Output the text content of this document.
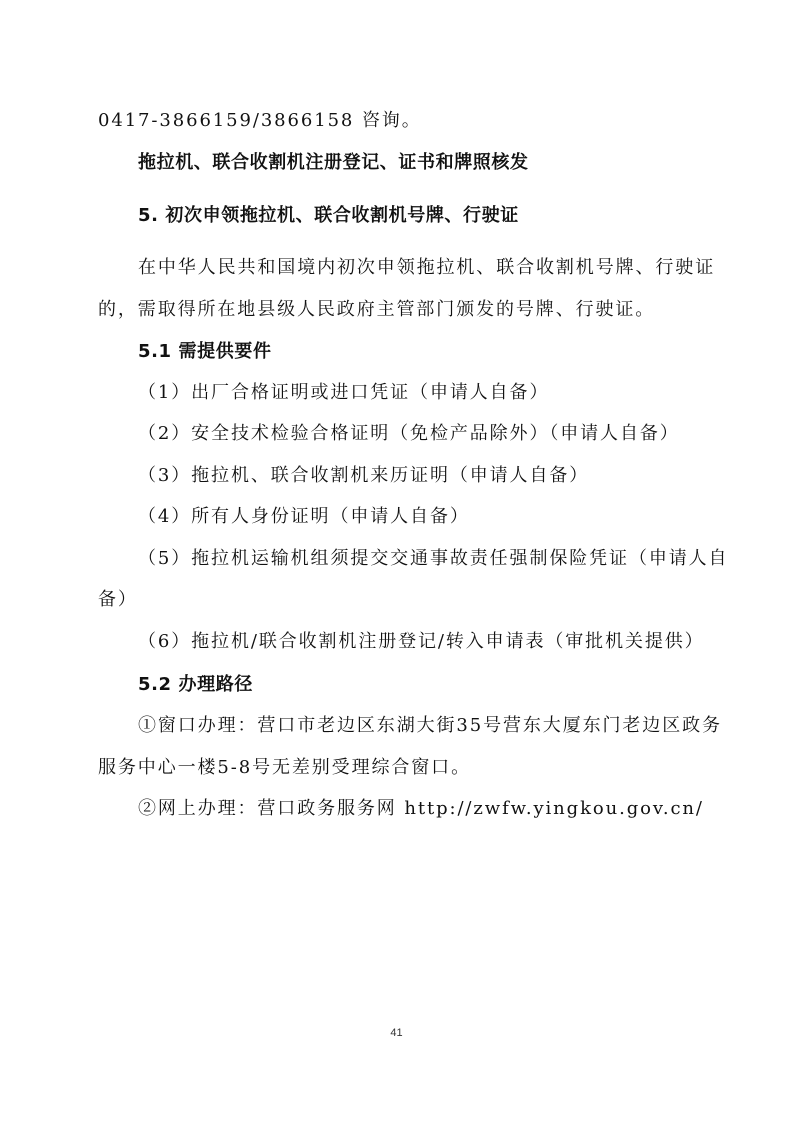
0417-3866159/3866158 咨询。
拖拉机、联合收割机注册登记、证书和牌照核发
5. 初次申领拖拉机、联合收割机号牌、行驶证
在中华人民共和国境内初次申领拖拉机、联合收割机号牌、行驶证
的，需取得所在地县级人民政府主管部门颁发的号牌、行驶证。
5.1 需提供要件
（1）出厂合格证明或进口凭证（申请人自备）
（2）安全技术检验合格证明（免检产品除外）（申请人自备）
（3）拖拉机、联合收割机来历证明（申请人自备）
（4）所有人身份证明（申请人自备）
（5）拖拉机运输机组须提交交通事故责任强制保险凭证（申请人自
备）
（6）拖拉机/联合收割机注册登记/转入申请表（审批机关提供）
5.2 办理路径
①窗口办理：营口市老边区东湖大街35号营东大厦东门老边区政务
服务中心一楼5-8号无差别受理综合窗口。
②网上办理：营口政务服务网 http://zwfw.yingkou.gov.cn/
41
